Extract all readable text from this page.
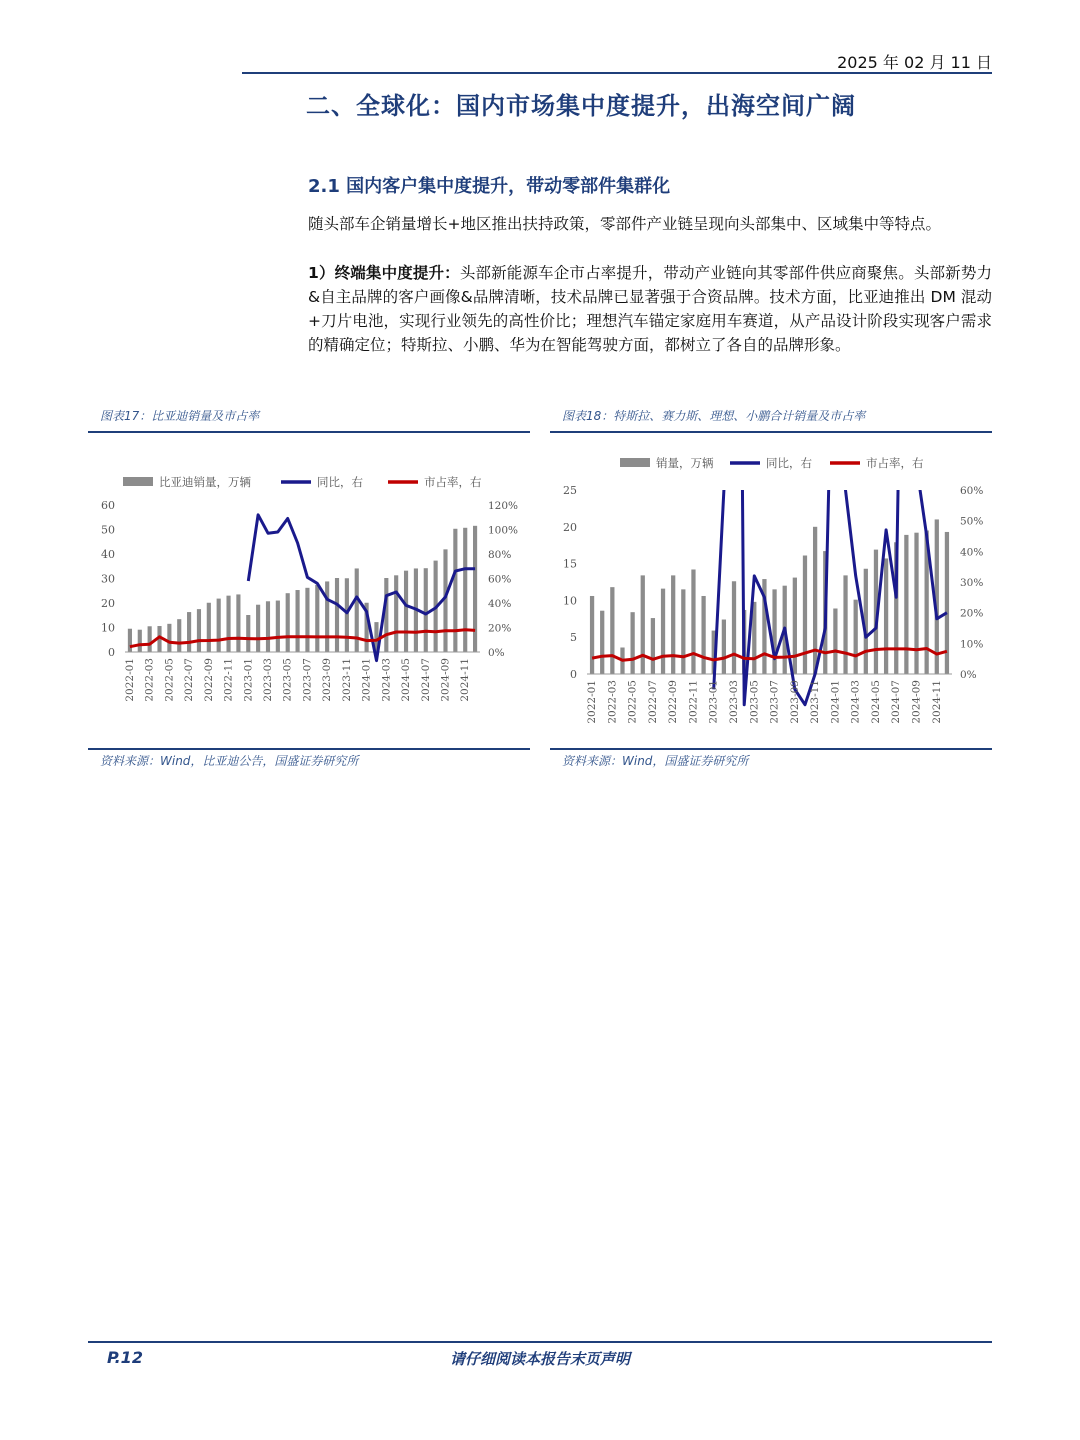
2025 年 02 月 11 日
二、全球化：国内市场集中度提升，出海空间广阔
2.1 国内客户集中度提升，带动零部件集群化
随头部车企销量增长+地区推出扶持政策，零部件产业链呈现向头部集中、区域集中等特点。
1）终端集中度提升：头部新能源车企市占率提升，带动产业链向其零部件供应商聚焦。头部新势力&自主品牌的客户画像&品牌清晰，技术品牌已显著强于合资品牌。技术方面，比亚迪推出 DM 混动+刀片电池，实现行业领先的高性价比；理想汽车锚定家庭用车赛道，从产品设计阶段实现客户需求的精确定位；特斯拉、小鹏、华为在智能驾驶方面，都树立了各自的品牌形象。
图表17：比亚迪销量及市占率
比亚迪销量，万辆	同比，右	市占率，右
0
10
20
30
40
50
60
0%
20%
40%
60%
80%
100%
120%
2022-01 2022-03 2022-05 2022-07 2022-09 2022-11 2023-01 2023-03 2023-05 2023-07 2023-09 2023-11 2024-01 2024-03 2024-05 2024-07 2024-09 2024-11
资料来源：Wind，比亚迪公告，国盛证券研究所
图表18：特斯拉、赛力斯、理想、小鹏合计销量及市占率
销量，万辆	同比，右	市占率，右
0
5
10
15
20
25
0%
10%
20%
30%
40%
50%
60%
2022-01 2022-03 2022-05 2022-07 2022-09 2022-11 2023-01 2023-03 2023-05 2023-07 2023-09 2023-11 2024-01 2024-03 2024-05 2024-07 2024-09 2024-11
资料来源：Wind，国盛证券研究所
P.12	请仔细阅读本报告末页声明
